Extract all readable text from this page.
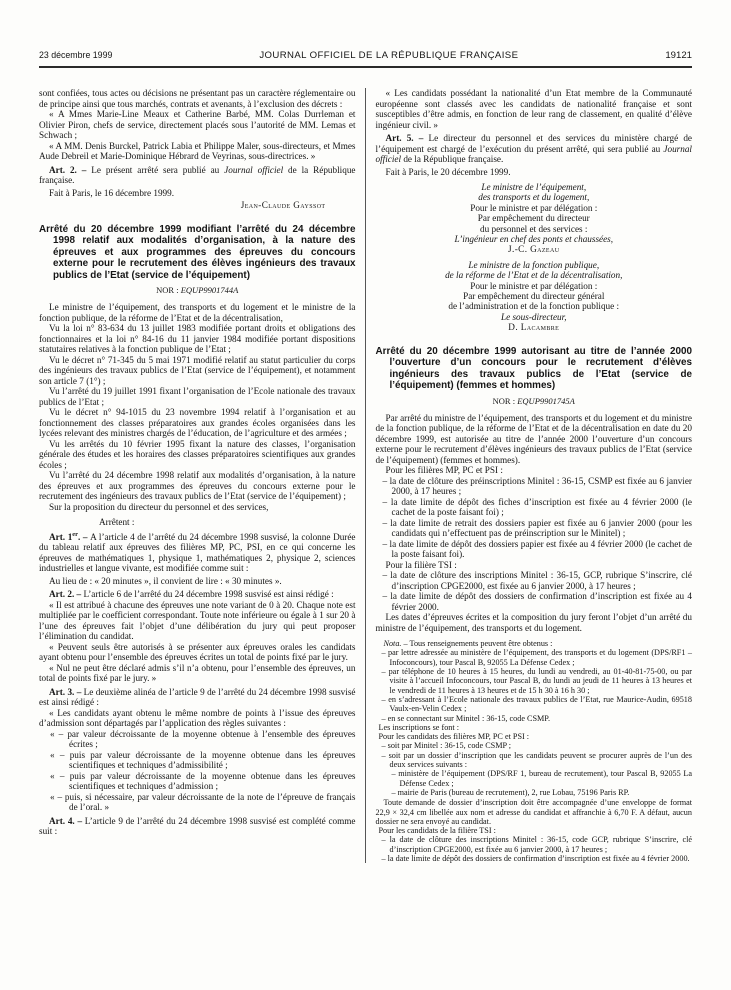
23 décembre 1999	JOURNAL OFFICIEL DE LA RÉPUBLIQUE FRANÇAISE	19121

sont confiées, tous actes ou décisions ne présentant pas un caractère réglementaire ou de principe ainsi que tous marchés, contrats et avenants, à l’exclusion des décrets :

« A Mmes Marie-Line Meaux et Catherine Barbé, MM. Colas Durrleman et Olivier Piron, chefs de service, directement placés sous l’autorité de MM. Lemas et Schwach ;

« A MM. Denis Burckel, Patrick Labia et Philippe Maler, sous-directeurs, et Mmes Aude Debreil et Marie-Dominique Hébrard de Veyrinas, sous-directrices. »

Art. 2. – Le présent arrêté sera publié au Journal officiel de la République française.

Fait à Paris, le 16 décembre 1999.

Jean-Claude Gayssot

Arrêté du 20 décembre 1999 modifiant l’arrêté du 24 décembre 1998 relatif aux modalités d’organisation, à la nature des épreuves et aux programmes des épreuves du concours externe pour le recrutement des élèves ingénieurs des travaux publics de l’Etat (service de l’équipement)

NOR : EQUP9901744A

Le ministre de l’équipement, des transports et du logement et le ministre de la fonction publique, de la réforme de l’Etat et de la décentralisation,

Vu la loi n° 83-634 du 13 juillet 1983 modifiée portant droits et obligations des fonctionnaires et la loi n° 84-16 du 11 janvier 1984 modifiée portant dispositions statutaires relatives à la fonction publique de l’Etat ;

Vu le décret n° 71-345 du 5 mai 1971 modifié relatif au statut particulier du corps des ingénieurs des travaux publics de l’Etat (service de l’équipement), et notamment son article 7 (1°) ;

Vu l’arrêté du 19 juillet 1991 fixant l’organisation de l’Ecole nationale des travaux publics de l’Etat ;

Vu le décret n° 94-1015 du 23 novembre 1994 relatif à l’organisation et au fonctionnement des classes préparatoires aux grandes écoles organisées dans les lycées relevant des ministres chargés de l’éducation, de l’agriculture et des armées ;

Vu les arrêtés du 10 février 1995 fixant la nature des classes, l’organisation générale des études et les horaires des classes préparatoires scientifiques aux grandes écoles ;

Vu l’arrêté du 24 décembre 1998 relatif aux modalités d’organisation, à la nature des épreuves et aux programmes des épreuves du concours externe pour le recrutement des ingénieurs des travaux publics de l’Etat (service de l’équipement) ;

Sur la proposition du directeur du personnel et des services,

Arrêtent :

Art. 1er. – A l’article 4 de l’arrêté du 24 décembre 1998 susvisé, la colonne Durée du tableau relatif aux épreuves des filières MP, PC, PSI, en ce qui concerne les épreuves de mathématiques 1, physique 1, mathématiques 2, physique 2, sciences industrielles et langue vivante, est modifiée comme suit :

Au lieu de : « 20 minutes », il convient de lire : « 30 minutes ».

Art. 2. – L’article 6 de l’arrêté du 24 décembre 1998 susvisé est ainsi rédigé :

« Il est attribué à chacune des épreuves une note variant de 0 à 20. Chaque note est multipliée par le coefficient correspondant. Toute note inférieure ou égale à 1 sur 20 à l’une des épreuves fait l’objet d’une délibération du jury qui peut proposer l’élimination du candidat.

« Peuvent seuls être autorisés à se présenter aux épreuves orales les candidats ayant obtenu pour l’ensemble des épreuves écrites un total de points fixé par le jury.

« Nul ne peut être déclaré admis s’il n’a obtenu, pour l’ensemble des épreuves, un total de points fixé par le jury. »

Art. 3. – Le deuxième alinéa de l’article 9 de l’arrêté du 24 décembre 1998 susvisé est ainsi rédigé :

« Les candidats ayant obtenu le même nombre de points à l’issue des épreuves d’admission sont départagés par l’application des règles suivantes :

« – par valeur décroissante de la moyenne obtenue à l’ensemble des épreuves écrites ;

« – puis par valeur décroissante de la moyenne obtenue dans les épreuves scientifiques et techniques d’admissibilité ;

« – puis par valeur décroissante de la moyenne obtenue dans les épreuves scientifiques et techniques d’admission ;

« – puis, si nécessaire, par valeur décroissante de la note de l’épreuve de français de l’oral. »

Art. 4. – L’article 9 de l’arrêté du 24 décembre 1998 susvisé est complété comme suit :

« Les candidats possédant la nationalité d’un Etat membre de la Communauté européenne sont classés avec les candidats de nationalité française et sont susceptibles d’être admis, en fonction de leur rang de classement, en qualité d’élève ingénieur civil. »

Art. 5. – Le directeur du personnel et des services du ministère chargé de l’équipement est chargé de l’exécution du présent arrêté, qui sera publié au Journal officiel de la République française.

Fait à Paris, le 20 décembre 1999.

Le ministre de l’équipement,

des transports et du logement,

Pour le ministre et par délégation :

Par empêchement du directeur

du personnel et des services :

L’ingénieur en chef des ponts et chaussées,

J.-C. Gazeau

Le ministre de la fonction publique,

de la réforme de l’Etat et de la décentralisation,

Pour le ministre et par délégation :

Par empêchement du directeur général

de l’administration et de la fonction publique :

Le sous-directeur,

D. Lacambre

Arrêté du 20 décembre 1999 autorisant au titre de l’année 2000 l’ouverture d’un concours pour le recrutement d’élèves ingénieurs des travaux publics de l’Etat (service de l’équipement) (femmes et hommes)

NOR : EQUP9901745A

Par arrêté du ministre de l’équipement, des transports et du logement et du ministre de la fonction publique, de la réforme de l’Etat et de la décentralisation en date du 20 décembre 1999, est autorisée au titre de l’année 2000 l’ouverture d’un concours externe pour le recrutement d’élèves ingénieurs des travaux publics de l’Etat (service de l’équipement) (femmes et hommes).

Pour les filières MP, PC et PSI :

– la date de clôture des préinscriptions Minitel : 36-15, CSMP est fixée au 6 janvier 2000, à 17 heures ;

– la date limite de dépôt des fiches d’inscription est fixée au 4 février 2000 (le cachet de la poste faisant foi) ;

– la date limite de retrait des dossiers papier est fixée au 6 janvier 2000 (pour les candidats qui n’effectuent pas de préinscription sur le Minitel) ;

– la date limite de dépôt des dossiers papier est fixée au 4 février 2000 (le cachet de la poste faisant foi).

Pour la filière TSI :

– la date de clôture des inscriptions Minitel : 36-15, GCP, rubrique S’inscrire, clé d’inscription CPGE2000, est fixée au 6 janvier 2000, à 17 heures ;

– la date limite de dépôt des dossiers de confirmation d’inscription est fixée au 4 février 2000.

Les dates d’épreuves écrites et la composition du jury feront l’objet d’un arrêté du ministre de l’équipement, des transports et du logement.

Nota. – Tous renseignements peuvent être obtenus :

– par lettre adressée au ministère de l’équipement, des transports et du logement (DPS/RF1 – Infoconcours), tour Pascal B, 92055 La Défense Cedex ;

– par téléphone de 10 heures à 15 heures, du lundi au vendredi, au 01-40-81-75-00, ou par visite à l’accueil Infoconcours, tour Pascal B, du lundi au jeudi de 11 heures à 13 heures et le vendredi de 11 heures à 13 heures et de 15 h 30 à 16 h 30 ;

– en s’adressant à l’Ecole nationale des travaux publics de l’Etat, rue Maurice-Audin, 69518 Vaulx-en-Velin Cedex ;

– en se connectant sur Minitel : 36-15, code CSMP.

Les inscriptions se font :

Pour les candidats des filières MP, PC et PSI :

– soit par Minitel : 36-15, code CSMP ;

– soit par un dossier d’inscription que les candidats peuvent se procurer auprès de l’un des deux services suivants :

– ministère de l’équipement (DPS/RF 1, bureau de recrutement), tour Pascal B, 92055 La Défense Cedex ;

– mairie de Paris (bureau de recrutement), 2, rue Lobau, 75196 Paris RP.

Toute demande de dossier d’inscription doit être accompagnée d’une enveloppe de format 22,9 × 32,4 cm libellée aux nom et adresse du candidat et affranchie à 6,70 F. A défaut, aucun dossier ne sera envoyé au candidat.

Pour les candidats de la filière TSI :

– la date de clôture des inscriptions Minitel : 36-15, code GCP, rubrique S’inscrire, clé d’inscription CPGE2000, est fixée au 6 janvier 2000, à 17 heures ;

– la date limite de dépôt des dossiers de confirmation d’inscription est fixée au 4 février 2000.
